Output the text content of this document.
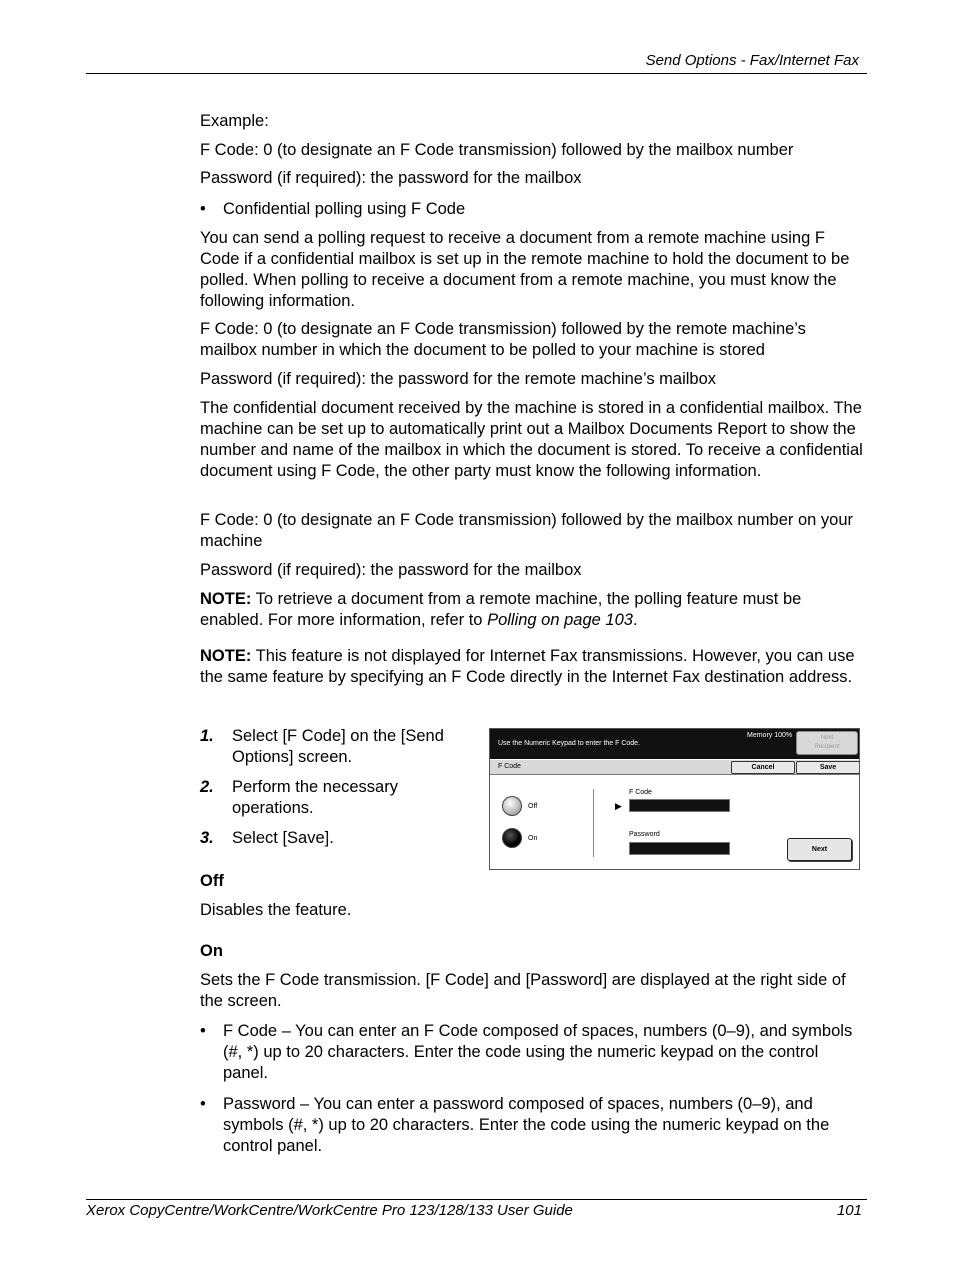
Send Options - Fax/Internet Fax

Example:

F Code: 0 (to designate an F Code transmission) followed by the mailbox number

Password (if required): the password for the mailbox

• Confidential polling using F Code

You can send a polling request to receive a document from a remote machine using F Code if a confidential mailbox is set up in the remote machine to hold the document to be polled. When polling to receive a document from a remote machine, you must know the following information.

F Code: 0 (to designate an F Code transmission) followed by the remote machine’s mailbox number in which the document to be polled to your machine is stored

Password (if required): the password for the remote machine’s mailbox

The confidential document received by the machine is stored in a confidential mailbox. The machine can be set up to automatically print out a Mailbox Documents Report to show the number and name of the mailbox in which the document is stored. To receive a confidential document using F Code, the other party must know the following information.

F Code: 0 (to designate an F Code transmission) followed by the mailbox number on your machine

Password (if required): the password for the mailbox

NOTE: To retrieve a document from a remote machine, the polling feature must be enabled. For more information, refer to Polling on page 103.

NOTE: This feature is not displayed for Internet Fax transmissions. However, you can use the same feature by specifying an F Code directly in the Internet Fax destination address.

1. Select [F Code] on the [Send Options] screen.
2. Perform the necessary operations.
3. Select [Save].
Use the Numeric Keypad to enter the F Code.
Memory 100%	Next
Recipient
F Code	Cancel	Save
Off
On
▶
F Code
Password
Next
Off

Disables the feature.

On

Sets the F Code transmission. [F Code] and [Password] are displayed at the right side of the screen.

• F Code – You can enter an F Code composed of spaces, numbers (0–9), and symbols (#, *) up to 20 characters. Enter the code using the numeric keypad on the control panel.
• Password – You can enter a password composed of spaces, numbers (0–9), and symbols (#, *) up to 20 characters. Enter the code using the numeric keypad on the control panel.
Xerox CopyCentre/WorkCentre/WorkCentre Pro 123/128/133 User Guide	101
